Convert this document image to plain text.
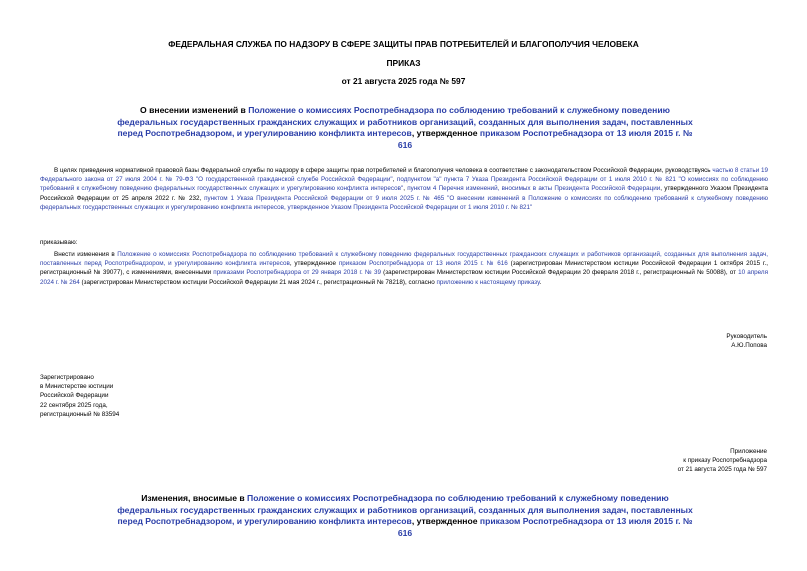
ФЕДЕРАЛЬНАЯ СЛУЖБА ПО НАДЗОРУ В СФЕРЕ ЗАЩИТЫ ПРАВ ПОТРЕБИТЕЛЕЙ И БЛАГОПОЛУЧИЯ ЧЕЛОВЕКА
ПРИКАЗ
от 21 августа 2025 года № 597
О внесении изменений в Положение о комиссиях Роспотребнадзора по соблюдению требований к служебному поведению федеральных государственных гражданских служащих и работников организаций, созданных для выполнения задач, поставленных перед Роспотребнадзором, и урегулированию конфликта интересов, утвержденное приказом Роспотребнадзора от 13 июля 2015 г. № 616
В целях приведения нормативной правовой базы Федеральной службы по надзору в сфере защиты прав потребителей и благополучия человека в соответствие с законодательством Российской Федерации, руководствуясь частью 8 статьи 19 Федерального закона от 27 июля 2004 г. № 79-ФЗ "О государственной гражданской службе Российской Федерации", подпунктом "а" пункта 7 Указа Президента Российской Федерации от 1 июля 2010 г. № 821 "О комиссиях по соблюдению требований к служебному поведению федеральных государственных служащих и урегулированию конфликта интересов", пунктом 4 Перечня изменений, вносимых в акты Президента Российской Федерации, утвержденного Указом Президента Российской Федерации от 25 апреля 2022 г. № 232, пунктом 1 Указа Президента Российской Федерации от 9 июля 2025 г. № 465 "О внесении изменений в Положение о комиссиях по соблюдению требований к служебному поведению федеральных государственных служащих и урегулированию конфликта интересов, утвержденное Указом Президента Российской Федерации от 1 июля 2010 г. № 821"
приказываю:
Внести изменения в Положение о комиссиях Роспотребнадзора по соблюдению требований к служебному поведению федеральных государственных гражданских служащих и работников организаций, созданных для выполнения задач, поставленных перед Роспотребнадзором, и урегулированию конфликта интересов, утвержденное приказом Роспотребнадзора от 13 июля 2015 г. № 616 (зарегистрирован Министерством юстиции Российской Федерации 1 октября 2015 г., регистрационный № 39077), с изменениями, внесенными приказами Роспотребнадзора от 29 января 2018 г. № 39 (зарегистрирован Министерством юстиции Российской Федерации 20 февраля 2018 г., регистрационный № 50088), от 10 апреля 2024 г. № 264 (зарегистрирован Министерством юстиции Российской Федерации 21 мая 2024 г., регистрационный № 78218), согласно приложению к настоящему приказу.
Руководитель
А.Ю.Попова
Зарегистрировано
в Министерстве юстиции
Российской Федерации
22 сентября 2025 года,
регистрационный № 83594
Приложение
к приказу Роспотребнадзора
от 21 августа 2025 года № 597
Изменения, вносимые в Положение о комиссиях Роспотребнадзора по соблюдению требований к служебному поведению федеральных государственных гражданских служащих и работников организаций, созданных для выполнения задач, поставленных перед Роспотребнадзором, и урегулированию конфликта интересов, утвержденное приказом Роспотребнадзора от 13 июля 2015 г. № 616
